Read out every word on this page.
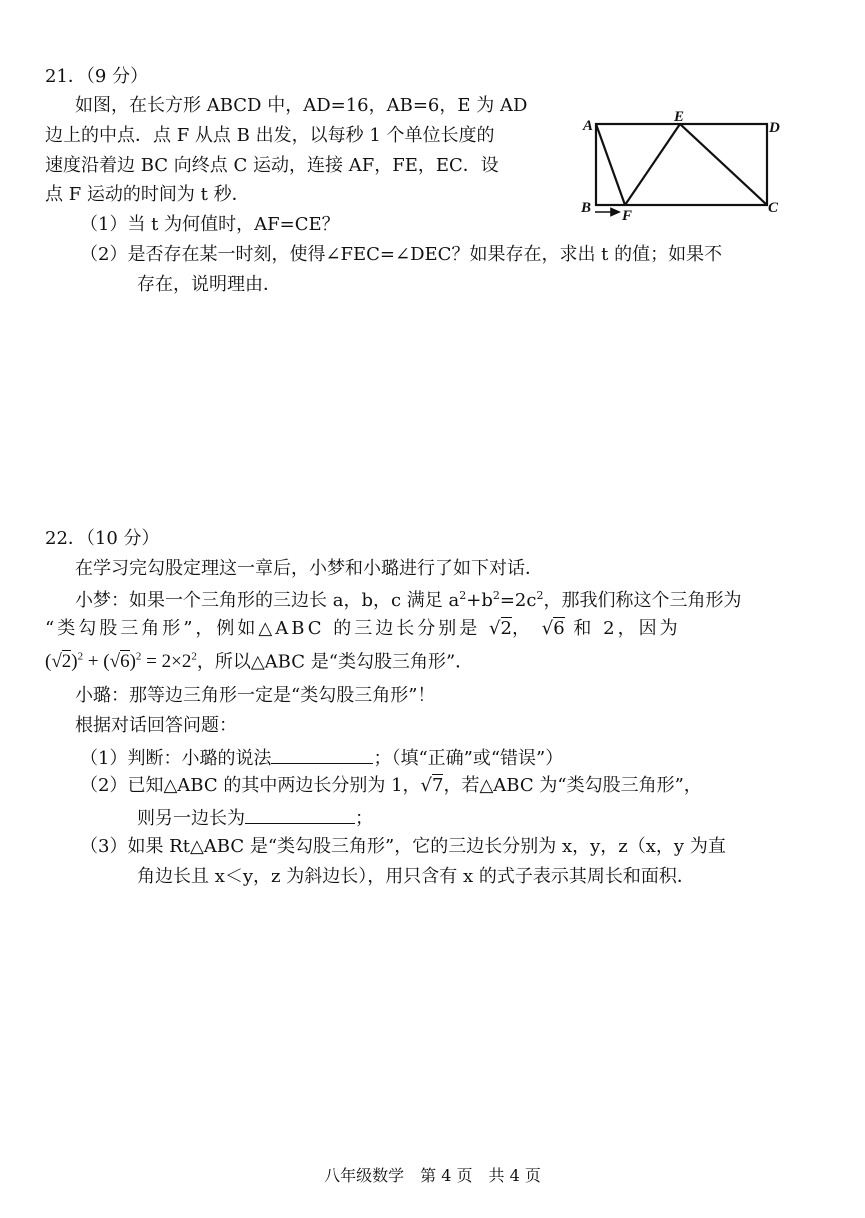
21．（9 分）
如图，在长方形 ABCD 中，AD=16，AB=6，E 为 AD
边上的中点．点 F 从点 B 出发，以每秒 1 个单位长度的
速度沿着边 BC 向终点 C 运动，连接 AF，FE，EC．设
点 F 运动的时间为 t 秒．
（1）当 t 为何值时，AF=CE？
（2）是否存在某一时刻，使得∠FEC=∠DEC？如果存在，求出 t 的值；如果不
存在，说明理由．
A
E
D
B F	C
22．（10 分）
在学习完勾股定理这一章后，小梦和小璐进行了如下对话．
小梦：如果一个三角形的三边长 a，b，c 满足 $a^2+b^2=2c^2$，那我们称这个三角形为
“类勾股三角形”，例如△ABC 的三边长分别是 √2， √6 和 2，因为
$(√2)^2 + (√6)^2 = 2\times 2^2$，所以△ABC 是“类勾股三角形”．
小璐：那等边三角形一定是“类勾股三角形”！
根据对话回答问题：
（1）判断：小璐的说法	；（填“正确”或“错误”）
（2）已知△ABC 的其中两边长分别为 1，√7，若△ABC 为“类勾股三角形”，
则另一边长为	；
（3）如果 Rt△ABC 是“类勾股三角形”，它的三边长分别为 x，y，z（x，y 为直
角边长且 x＜y，z 为斜边长），用只含有 x 的式子表示其周长和面积．
八年级数学　第 4 页　共 4 页
